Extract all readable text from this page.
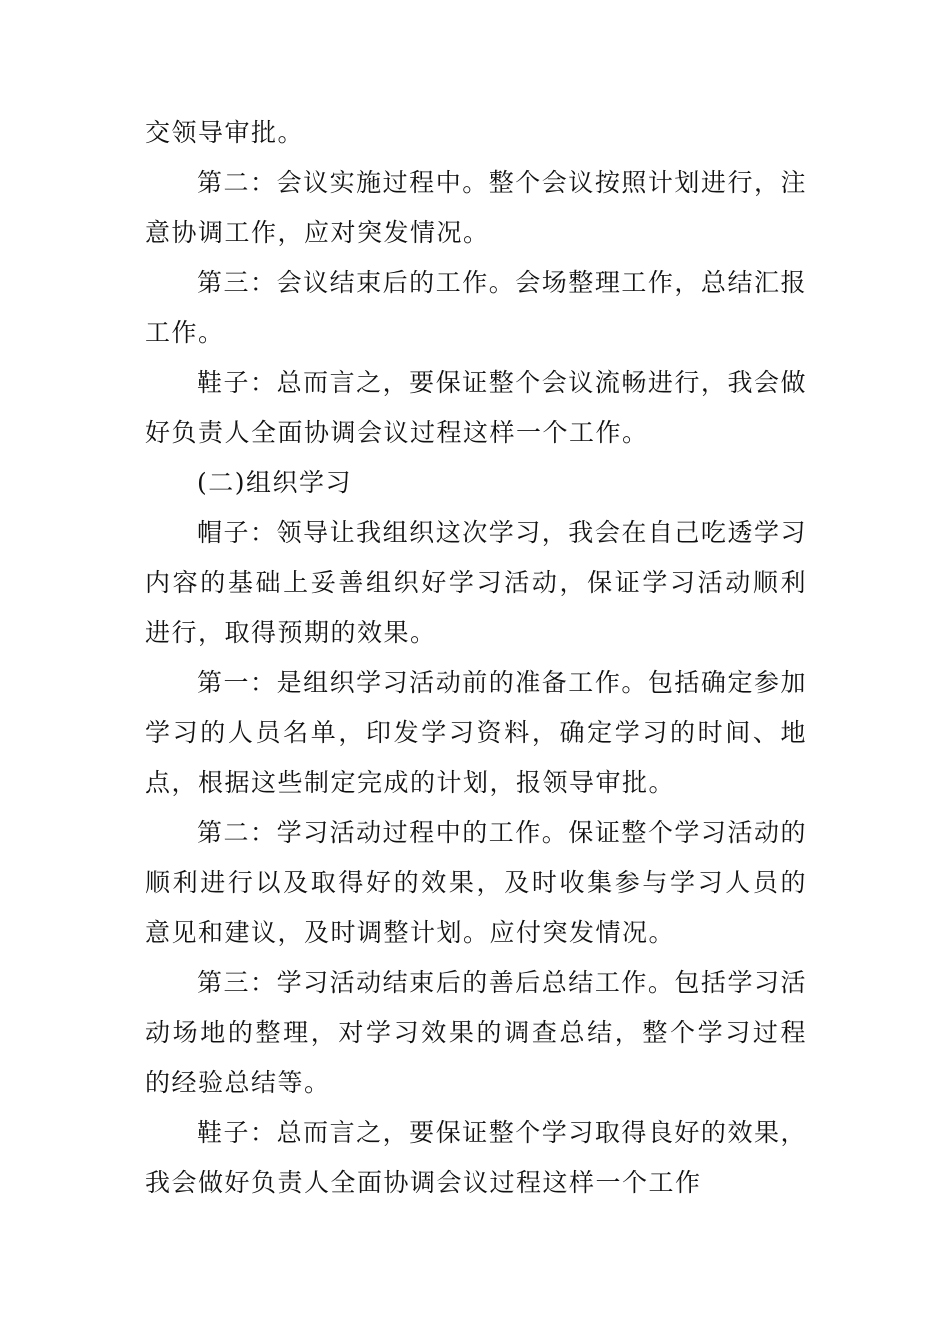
交领导审批。

第二：会议实施过程中。整个会议按照计划进行，注意协调工作，应对突发情况。

第三：会议结束后的工作。会场整理工作，总结汇报工作。

鞋子：总而言之，要保证整个会议流畅进行，我会做好负责人全面协调会议过程这样一个工作。

(二)组织学习

帽子：领导让我组织这次学习，我会在自己吃透学习内容的基础上妥善组织好学习活动，保证学习活动顺利进行，取得预期的效果。

第一：是组织学习活动前的准备工作。包括确定参加学习的人员名单，印发学习资料，确定学习的时间、地点，根据这些制定完成的计划，报领导审批。

第二：学习活动过程中的工作。保证整个学习活动的顺利进行以及取得好的效果，及时收集参与学习人员的意见和建议，及时调整计划。应付突发情况。

第三：学习活动结束后的善后总结工作。包括学习活动场地的整理，对学习效果的调查总结，整个学习过程的经验总结等。

鞋子：总而言之，要保证整个学习取得良好的效果，我会做好负责人全面协调会议过程这样一个工作
